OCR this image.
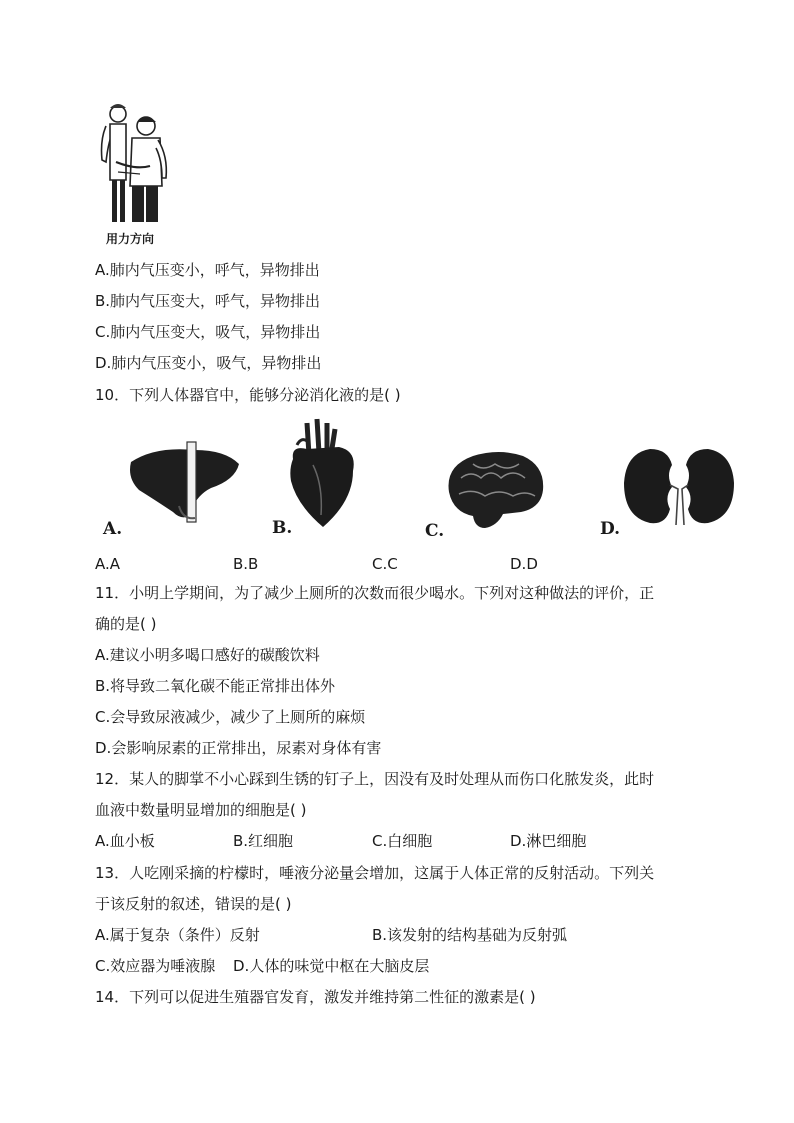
用力方向
A.肺内气压变小，呼气，异物排出
B.肺内气压变大，呼气，异物排出
C.肺内气压变大，吸气，异物排出
D.肺内气压变小，吸气，异物排出
10．下列人体器官中，能够分泌消化液的是( )
A.	B.	C.	D.
A.A	B.B	C.C	D.D
11．小明上学期间，为了减少上厕所的次数而很少喝水。下列对这种做法的评价，正
确的是( )
A.建议小明多喝口感好的碳酸饮料
B.将导致二氧化碳不能正常排出体外
C.会导致尿液减少，减少了上厕所的麻烦
D.会影响尿素的正常排出，尿素对身体有害
12．某人的脚掌不小心踩到生锈的钉子上，因没有及时处理从而伤口化脓发炎，此时
血液中数量明显增加的细胞是( )
A.血小板	B.红细胞	C.白细胞	D.淋巴细胞
13．人吃刚采摘的柠檬时，唾液分泌量会增加，这属于人体正常的反射活动。下列关
于该反射的叙述，错误的是( )
A.属于复杂（条件）反射	B.该发射的结构基础为反射弧
C.效应器为唾液腺 D.人体的味觉中枢在大脑皮层
14．下列可以促进生殖器官发育，激发并维持第二性征的激素是( )
